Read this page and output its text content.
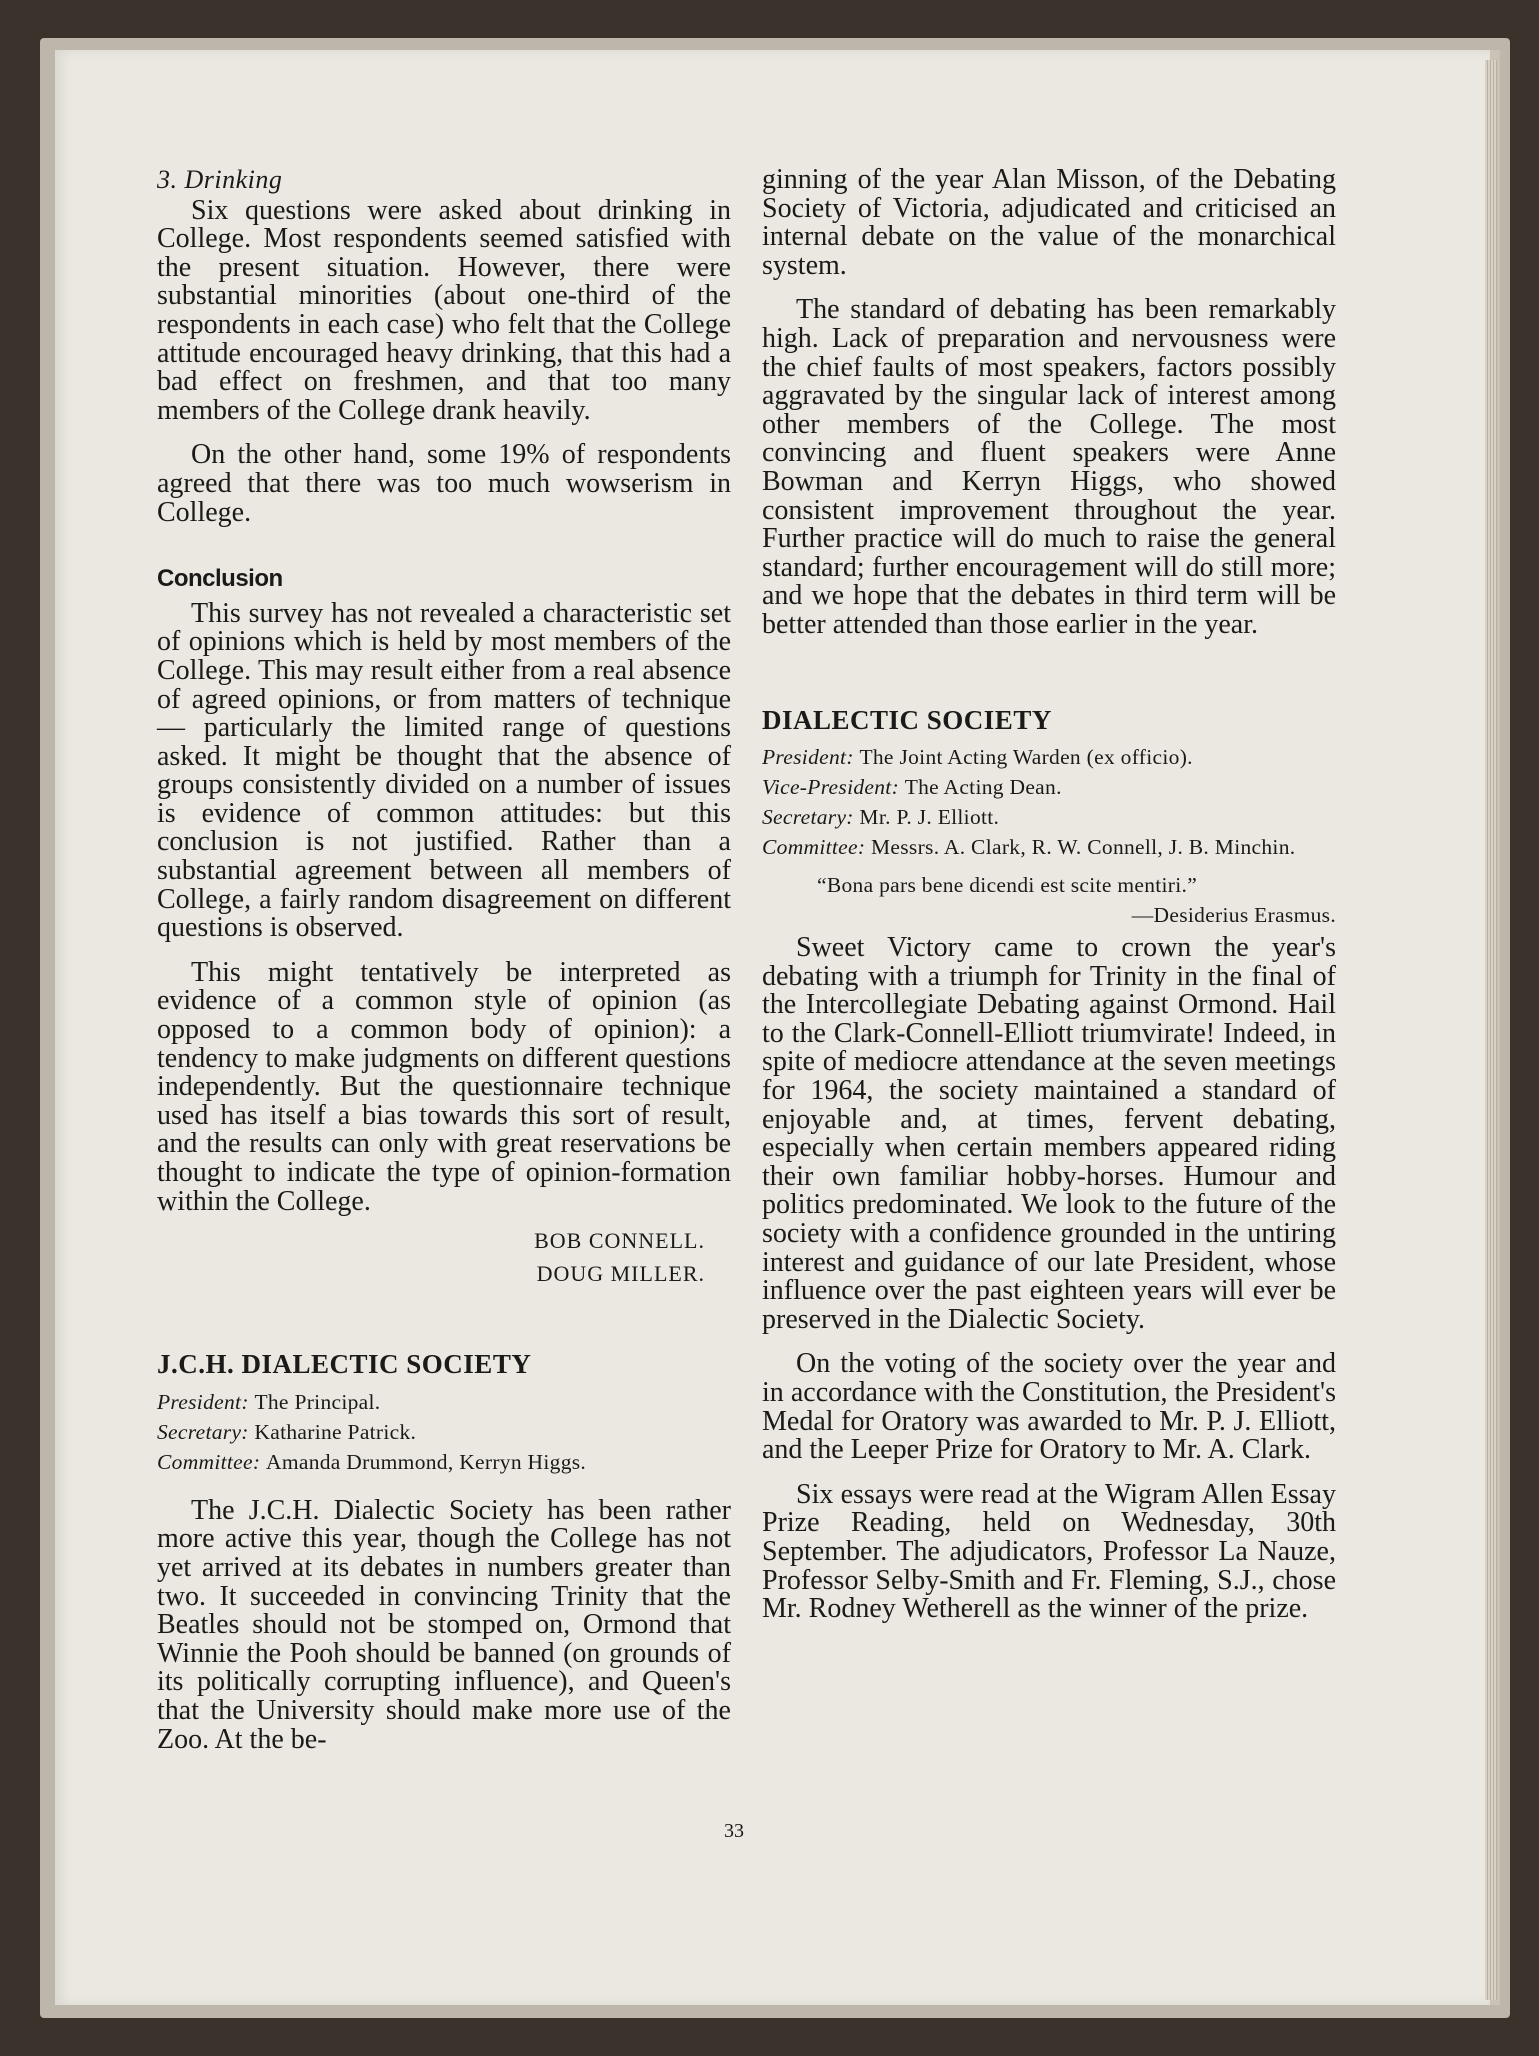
3. Drinking

Six questions were asked about drinking in College. Most respondents seemed satisfied with the present situation. However, there were substantial minorities (about one-third of the respondents in each case) who felt that the College attitude encouraged heavy drinking, that this had a bad effect on freshmen, and that too many members of the College drank heavily.

On the other hand, some 19% of respondents agreed that there was too much wowserism in College.

Conclusion

This survey has not revealed a characteristic set of opinions which is held by most members of the College. This may result either from a real absence of agreed opinions, or from matters of technique — particularly the limited range of questions asked. It might be thought that the absence of groups consistently divided on a number of issues is evidence of common attitudes: but this conclusion is not justified. Rather than a substantial agreement between all members of College, a fairly random disagreement on different questions is observed.

This might tentatively be interpreted as evidence of a common style of opinion (as opposed to a common body of opinion): a tendency to make judgments on different questions independently. But the questionnaire technique used has itself a bias towards this sort of result, and the results can only with great reservations be thought to indicate the type of opinion-formation within the College.

BOB CONNELL.

DOUG MILLER.

J.C.H. DIALECTIC SOCIETY

President: The Principal.

Secretary: Katharine Patrick.

Committee: Amanda Drummond, Kerryn Higgs.

The J.C.H. Dialectic Society has been rather more active this year, though the College has not yet arrived at its debates in numbers greater than two. It succeeded in convincing Trinity that the Beatles should not be stomped on, Ormond that Winnie the Pooh should be banned (on grounds of its politically corrupting influence), and Queen's that the University should make more use of the Zoo. At the be-

ginning of the year Alan Misson, of the Debating Society of Victoria, adjudicated and criticised an internal debate on the value of the monarchical system.

The standard of debating has been remarkably high. Lack of preparation and nervousness were the chief faults of most speakers, factors possibly aggravated by the singular lack of interest among other members of the College. The most convincing and fluent speakers were Anne Bowman and Kerryn Higgs, who showed consistent improvement throughout the year. Further practice will do much to raise the general standard; further encouragement will do still more; and we hope that the debates in third term will be better attended than those earlier in the year.

DIALECTIC SOCIETY

President: The Joint Acting Warden (ex officio).

Vice-President: The Acting Dean.

Secretary: Mr. P. J. Elliott.

Committee: Messrs. A. Clark, R. W. Connell, J. B. Minchin.

“Bona pars bene dicendi est scite mentiri.”

—Desiderius Erasmus.

Sweet Victory came to crown the year's debating with a triumph for Trinity in the final of the Intercollegiate Debating against Ormond. Hail to the Clark-Connell-Elliott triumvirate! Indeed, in spite of mediocre attendance at the seven meetings for 1964, the society maintained a standard of enjoyable and, at times, fervent debating, especially when certain members appeared riding their own familiar hobby-horses. Humour and politics predominated. We look to the future of the society with a confidence grounded in the untiring interest and guidance of our late President, whose influence over the past eighteen years will ever be preserved in the Dialectic Society.

On the voting of the society over the year and in accordance with the Constitution, the President's Medal for Oratory was awarded to Mr. P. J. Elliott, and the Leeper Prize for Oratory to Mr. A. Clark.

Six essays were read at the Wigram Allen Essay Prize Reading, held on Wednesday, 30th September. The adjudicators, Professor La Nauze, Professor Selby-Smith and Fr. Fleming, S.J., chose Mr. Rodney Wetherell as the winner of the prize.

33
